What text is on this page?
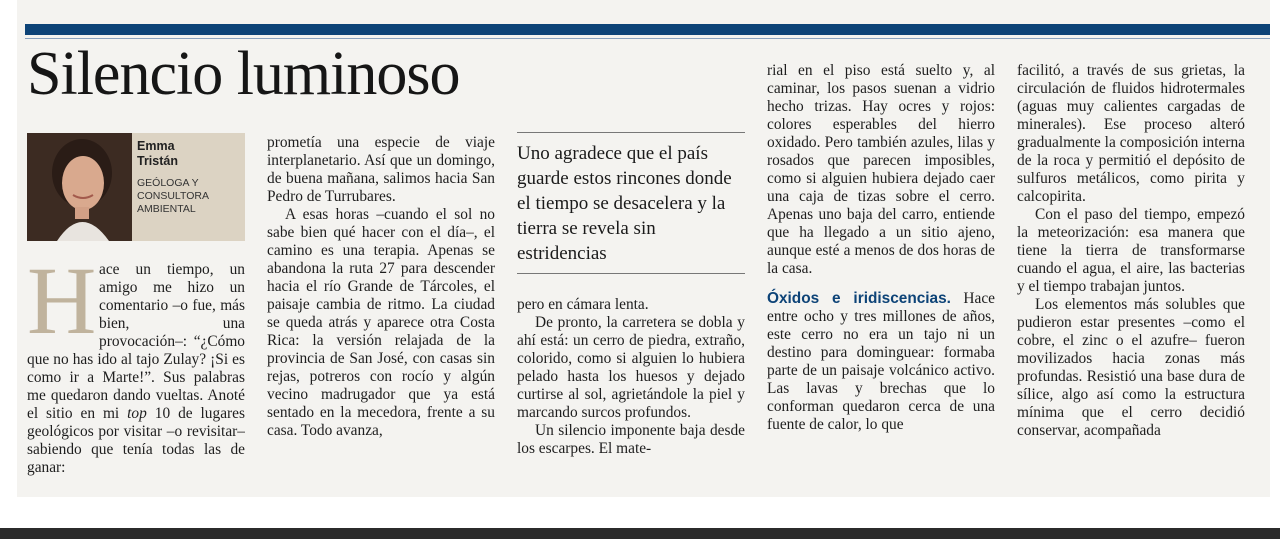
Silencio luminoso
Emma
Tristán
GEÓLOGA Y
CONSULTORA
AMBIENTAL

Hace un tiempo, un amigo me hizo un comentario –o fue, más bien, una provocación–: “¿Cómo que no has ido al tajo Zulay? ¡Si es como ir a Marte!”. Sus palabras me quedaron dando vueltas. Anoté el sitio en mi top 10 de lugares geológicos por visitar –o revisitar– sabiendo que tenía todas las de ganar:

prometía una especie de viaje interplanetario. Así que un domingo, de buena mañana, salimos hacia San Pedro de Turrubares.

A esas horas –cuando el sol no sabe bien qué hacer con el día–, el camino es una terapia. Apenas se abandona la ruta 27 para descender hacia el río Grande de Tárcoles, el paisaje cambia de ritmo. La ciudad se queda atrás y aparece otra Costa Rica: la versión relajada de la provincia de San José, con casas sin rejas, potreros con rocío y algún vecino madrugador que ya está sentado en la mecedora, frente a su casa. Todo avanza,

Uno agradece que el país guarde estos rincones donde el tiempo se desacelera y la tierra se revela sin estridencias

pero en cámara lenta.

De pronto, la carretera se dobla y ahí está: un cerro de piedra, extraño, colorido, como si alguien lo hubiera pelado hasta los huesos y dejado curtirse al sol, agrietándole la piel y marcando surcos profundos.

Un silencio imponente baja desde los escarpes. El mate-

rial en el piso está suelto y, al caminar, los pasos suenan a vidrio hecho trizas. Hay ocres y rojos: colores esperables del hierro oxidado. Pero también azules, lilas y rosados que parecen imposibles, como si alguien hubiera dejado caer una caja de tizas sobre el cerro. Apenas uno baja del carro, entiende que ha llegado a un sitio ajeno, aunque esté a menos de dos horas de la casa.

Óxidos e iridiscencias. Hace entre ocho y tres millones de años, este cerro no era un tajo ni un destino para dominguear: formaba parte de un paisaje volcánico activo. Las lavas y brechas que lo conforman quedaron cerca de una fuente de calor, lo que

facilitó, a través de sus grietas, la circulación de fluidos hidrotermales (aguas muy calientes cargadas de minerales). Ese proceso alteró gradualmente la composición interna de la roca y permitió el depósito de sulfuros metálicos, como pirita y calcopirita.

Con el paso del tiempo, empezó la meteorización: esa manera que tiene la tierra de transformarse cuando el agua, el aire, las bacterias y el tiempo trabajan juntos.

Los elementos más solubles que pudieron estar presentes –como el cobre, el zinc o el azufre– fueron movilizados hacia zonas más profundas. Resistió una base dura de sílice, algo así como la estructura mínima que el cerro decidió conservar, acompañada
